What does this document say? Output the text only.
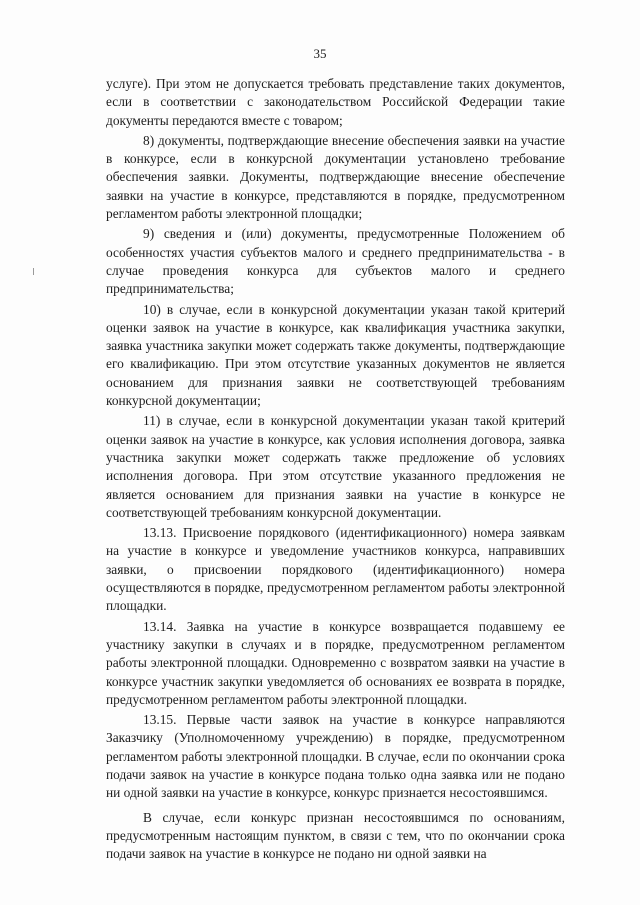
35

услуге). При этом не допускается требовать представление таких документов, если в соответствии с законодательством Российской Федерации такие документы передаются вместе с товаром;

8) документы, подтверждающие внесение обеспечения заявки на участие в конкурсе, если в конкурсной документации установлено требование обеспечения заявки. Документы, подтверждающие внесение обеспечение заявки на участие в конкурсе, представляются в порядке, предусмотренном регламентом работы электронной площадки;

9) сведения и (или) документы, предусмотренные Положением об особенностях участия субъектов малого и среднего предпринимательства - в случае проведения конкурса для субъектов малого и среднего предпринимательства;

10) в случае, если в конкурсной документации указан такой критерий оценки заявок на участие в конкурсе, как квалификация участника закупки, заявка участника закупки может содержать также документы, подтверждающие его квалификацию. При этом отсутствие указанных документов не является основанием для признания заявки не соответствующей требованиям конкурсной документации;

11) в случае, если в конкурсной документации указан такой критерий оценки заявок на участие в конкурсе, как условия исполнения договора, заявка участника закупки может содержать также предложение об условиях исполнения договора. При этом отсутствие указанного предложения не является основанием для признания заявки на участие в конкурсе не соответствующей требованиям конкурсной документации.

13.13. Присвоение порядкового (идентификационного) номера заявкам на участие в конкурсе и уведомление участников конкурса, направивших заявки, о присвоении порядкового (идентификационного) номера осуществляются в порядке, предусмотренном регламентом работы электронной площадки.

13.14. Заявка на участие в конкурсе возвращается подавшему ее участнику закупки в случаях и в порядке, предусмотренном регламентом работы электронной площадки. Одновременно с возвратом заявки на участие в конкурсе участник закупки уведомляется об основаниях ее возврата в порядке, предусмотренном регламентом работы электронной площадки.

13.15. Первые части заявок на участие в конкурсе направляются Заказчику (Уполномоченному учреждению) в порядке, предусмотренном регламентом работы электронной площадки. В случае, если по окончании срока подачи заявок на участие в конкурсе подана только одна заявка или не подано ни одной заявки на участие в конкурсе, конкурс признается несостоявшимся.

В случае, если конкурс признан несостоявшимся по основаниям, предусмотренным настоящим пунктом, в связи с тем, что по окончании срока подачи заявок на участие в конкурсе не подано ни одной заявки на
